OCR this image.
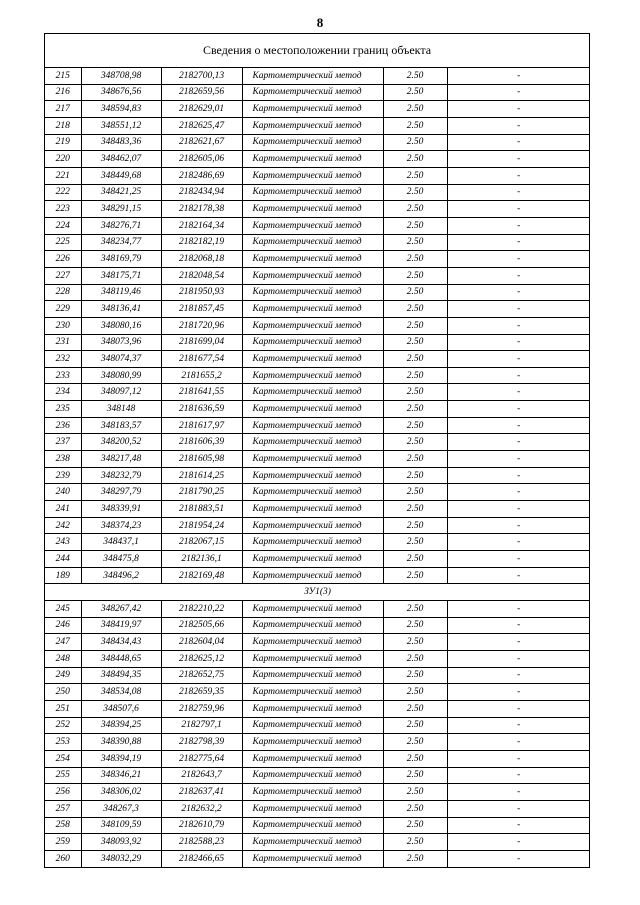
8
Сведения о местоположении границ объекта
215	348708,98	2182700,13	Картометрический метод	2.50	-
216	348676,56	2182659,56	Картометрический метод	2.50	-
217	348594,83	2182629,01	Картометрический метод	2.50	-
218	348551,12	2182625,47	Картометрический метод	2.50	-
219	348483,36	2182621,67	Картометрический метод	2.50	-
220	348462,07	2182605,06	Картометрический метод	2.50	-
221	348449,68	2182486,69	Картометрический метод	2.50	-
222	348421,25	2182434,94	Картометрический метод	2.50	-
223	348291,15	2182178,38	Картометрический метод	2.50	-
224	348276,71	2182164,34	Картометрический метод	2.50	-
225	348234,77	2182182,19	Картометрический метод	2.50	-
226	348169,79	2182068,18	Картометрический метод	2.50	-
227	348175,71	2182048,54	Картометрический метод	2.50	-
228	348119,46	2181950,93	Картометрический метод	2.50	-
229	348136,41	2181857,45	Картометрический метод	2.50	-
230	348080,16	2181720,96	Картометрический метод	2.50	-
231	348073,96	2181699,04	Картометрический метод	2.50	-
232	348074,37	2181677,54	Картометрический метод	2.50	-
233	348080,99	2181655,2	Картометрический метод	2.50	-
234	348097,12	2181641,55	Картометрический метод	2.50	-
235	348148	2181636,59	Картометрический метод	2.50	-
236	348183,57	2181617,97	Картометрический метод	2.50	-
237	348200,52	2181606,39	Картометрический метод	2.50	-
238	348217,48	2181605,98	Картометрический метод	2.50	-
239	348232,79	2181614,25	Картометрический метод	2.50	-
240	348297,79	2181790,25	Картометрический метод	2.50	-
241	348339,91	2181883,51	Картометрический метод	2.50	-
242	348374,23	2181954,24	Картометрический метод	2.50	-
243	348437,1	2182067,15	Картометрический метод	2.50	-
244	348475,8	2182136,1	Картометрический метод	2.50	-
189	348496,2	2182169,48	Картометрический метод	2.50	-
ЗУ1(3)					
245	348267,42	2182210,22	Картометрический метод	2.50	-
246	348419,97	2182505,66	Картометрический метод	2.50	-
247	348434,43	2182604,04	Картометрический метод	2.50	-
248	348448,65	2182625,12	Картометрический метод	2.50	-
249	348494,35	2182652,75	Картометрический метод	2.50	-
250	348534,08	2182659,35	Картометрический метод	2.50	-
251	348507,6	2182759,96	Картометрический метод	2.50	-
252	348394,25	2182797,1	Картометрический метод	2.50	-
253	348390,88	2182798,39	Картометрический метод	2.50	-
254	348394,19	2182775,64	Картометрический метод	2.50	-
255	348346,21	2182643,7	Картометрический метод	2.50	-
256	348306,02	2182637,41	Картометрический метод	2.50	-
257	348267,3	2182632,2	Картометрический метод	2.50	-
258	348109,59	2182610,79	Картометрический метод	2.50	-
259	348093,92	2182588,23	Картометрический метод	2.50	-
260	348032,29	2182466,65	Картометрический метод	2.50	-
